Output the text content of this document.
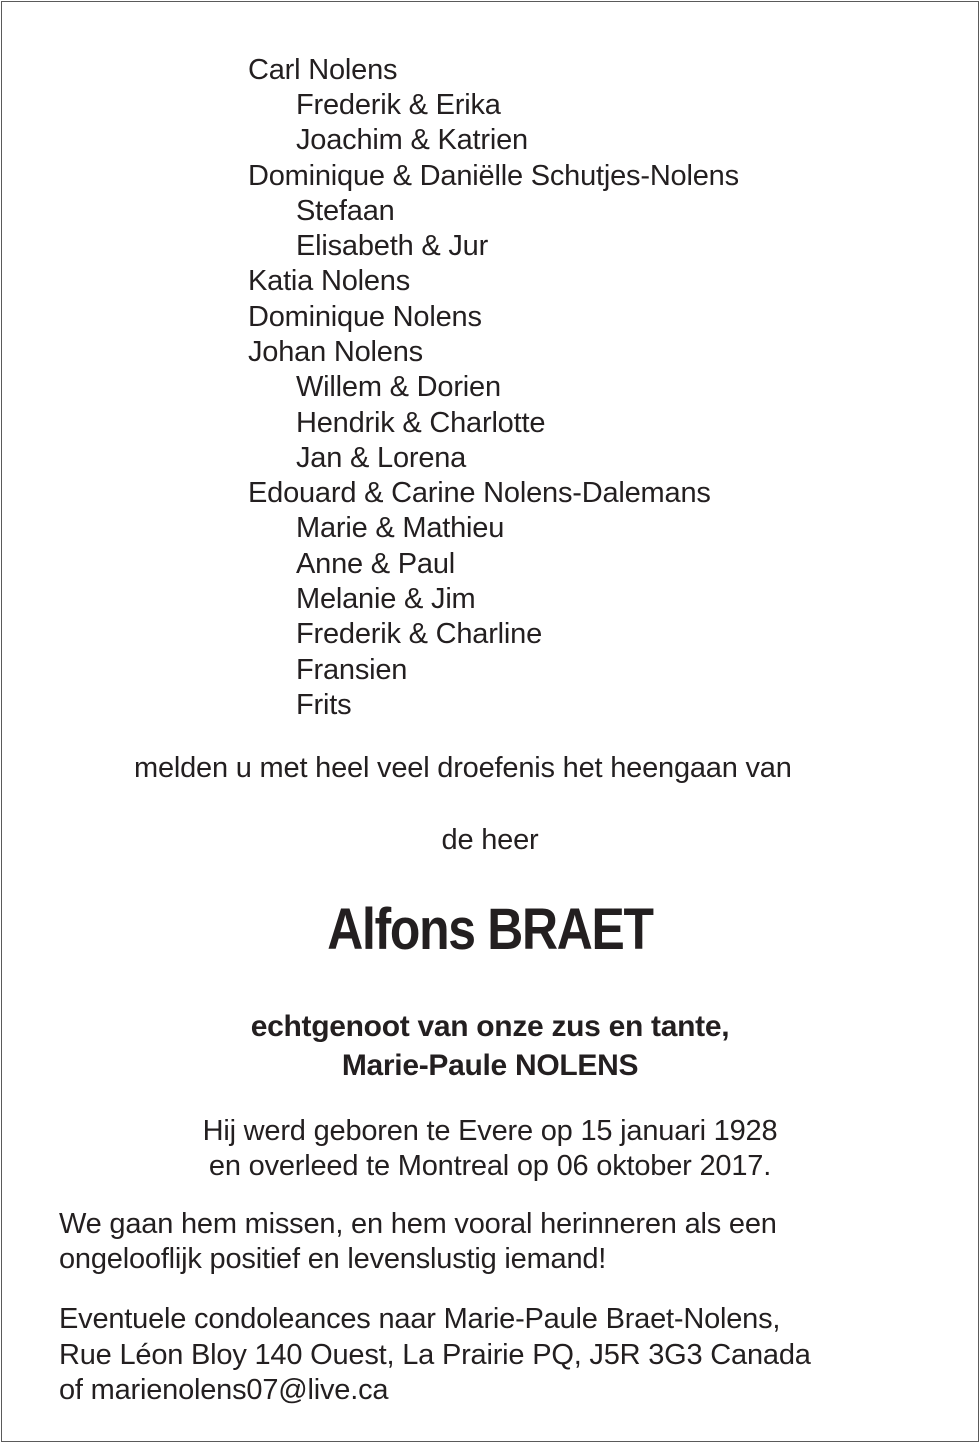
Carl Nolens
Frederik & Erika
Joachim & Katrien
Dominique & Daniëlle Schutjes-Nolens
Stefaan
Elisabeth & Jur
Katia Nolens
Dominique Nolens
Johan Nolens
Willem & Dorien
Hendrik & Charlotte
Jan & Lorena
Edouard & Carine Nolens-Dalemans
Marie & Mathieu
Anne & Paul
Melanie & Jim
Frederik & Charline
Fransien
Frits
melden u met heel veel droefenis het heengaan van
de heer
Alfons BRAET
echtgenoot van onze zus en tante,
Marie-Paule NOLENS
Hij werd geboren te Evere op 15 januari 1928
en overleed te Montreal op 06 oktober 2017.
We gaan hem missen, en hem vooral herinneren als een
ongelooflijk positief en levenslustig iemand!
Eventuele condoleances naar Marie-Paule Braet-Nolens,
Rue Léon Bloy 140 Ouest, La Prairie PQ, J5R 3G3 Canada
of marienolens07@live.ca
